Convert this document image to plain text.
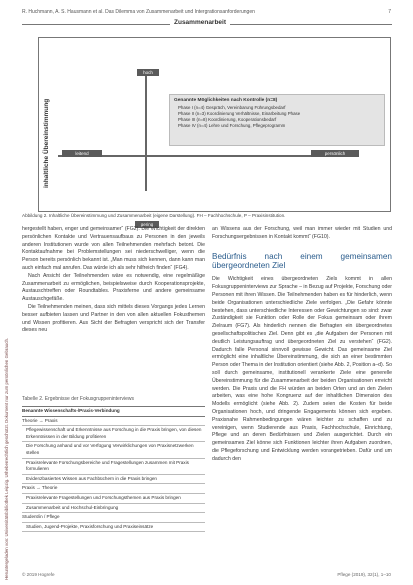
R. Huchmann, A. S. Hausmann et al. Das Dilemma von Zusammenarbeit und Intergrationsanforderungen	7
Heruntergeladen von: Universitätsbibliothek Leipzig. Urheberrechtlich geschützt. Dokument nur zum persönlichen Gebrauch.
Zusammenarbeit
inhaltliche Übereinstimmung
hoch
gering
leitend	persönlich
Genannte Möglichkeiten nach Kontrolle (n=8)
Phase I (n=4) Gespräch, Vereinbarung Führungsbedarf
Phase II (n=3) Koordinierung Verhältnisse, Einarbeitung Phase
Phase III (n=8) Koordinierung, Kooperationsbedarf
Phase IV (n=4) Lehre und Forschung, Pflegeprogramm
Abbildung 2. Inhaltliche Übereinstimmung und Zusammenarbeit (eigene Darstellung). FH – Fachhochschule, P – Praxisinstitution.

hergestellt haben, enger und gemeinsamer“ (FG2). Die Wichtigkeit der direkten persönlichen Kontakte und Vertrauensaufbaus zu Personen in den jeweils anderen Institutionen wurde von allen Teilnehmenden mehrfach betont. Die Kontaktaufnahme bei Problemstellungen sei niederschwelliger, wenn die Person bereits persönlich bekannt ist. „Man muss sich kennen, dann kann man auch einfach mal anrufen. Das würde ich als sehr hilfreich finden“ (FG4).

Nach Ansicht der Teilnehmenden wäre es notwendig, eine regelmäßige Zusammenarbeit zu ermöglichen, beispielsweise durch Kooperationsprojekte, Austauschtreffen oder Roundtables. Praxisferne und andere gemeinsame Austauschgefäße.

Die Teilnehmenden meinen, dass sich mittels dieses Vorgangs jedes Lernen besser aufbieten lassen und Partner in den von allen aktuellen Fokusthemen und Wissen profitieren. Aus Sicht der Befragten verspricht sich der Transfer dieses neu

Tabelle 2. Ergebnisse der Fokusgruppeninterviews
Benannte Wissenschafts-/Praxis-Verbindung
Theorie → Praxis
Pflegewissenschaft und Erkenntnisse aus Forschung in die Praxis bringen, von diesen Erkenntnissen in der Bildung profitieren
Die Forschung anhand und vor Verfügung Verwirklichungen von Praxisnetzwerken stellen
Praxisrelevante Forschungsbereiche und Fragestellungen zusammen mit Praxis formulieren
Evidenzbasiertes Wissen aus Fachbüchern in die Praxis bringen
Praxis → Theorie
Praxisrelevante Fragestellungen und Forschungsthemen aus Praxis bringen
Zusammenarbeit und Hochschul-Einbringung
Student/in / Pflege
Studien, Jugend-Projekte, Praxisforschung und Praxiseinsätze

an Wissens aus der Forschung, weil man immer wieder mit Studien und Forschungsergebnissen in Kontakt kommt“ (FG10).

Bedürfnis nach einem gemeinsamen übergeordneten Ziel

Die Wichtigkeit eines übergeordneten Ziels kommt in allen Fokusgruppeninterviews zur Sprache – in Bezug auf Projekte, Forschung oder Personen mit ihren Wissen. Die Teilnehmenden haben es für hinderlich, wenn beide Organisationen unterschiedliche Ziele verfolgen. „Die Gefahr könnte bestehen, dass unterschiedliche Interessen oder Gewichtungen so sind: zwar Zuständigkeit sie Funktion oder Rolle der Fokus gemeinsam oder ihrem Zielraum (FG7). Als hinderlich nennen die Befragten ein übergeordnetes gesellschaftspolitisches Ziel. Denn gibt es „die Aufgaben der Personen mit deutlich Leistungsauftrag und übergeordneten Ziel zu verstehen“ (FG2). Dadurch falle Personal sinnvoll gewisse Gewicht. Das gemeinsame Ziel ermöglicht eine inhaltliche Übereinstimmung, die sich an einer bestimmten Person oder Thema in der Institution orientiert (siehe Abb. 2, Position a–d). So soll durch gemeinsame, institutionell verankerte Ziele eine generelle Übereinstimmung für die Zusammenarbeit der beiden Organisationen erreicht werden. Die Praxis und die FH würden an beiden Orten und an den Zielen arbeiten, was eine hohe Kongruenz auf der inhaltlichen Dimension des Modells ermöglicht (siehe Abb. 2). Zudem seien die Kosten für beide Organisationen hoch, und dringende Engagements können sich ergeben. Praxisnahe Rahmenbedingungen wären leichter zu schaffen und zu vereinigen, wenn Studierende aus Praxis, Fachhochschule, Einrichtung, Pflege und an deren Bedürfnissen und Zielen ausgerichtet. Durch ein gemeinsames Ziel könne sich Funktionen leichter ihren Aufgaben zuordnen, die Pflegeforschung und Entwicklung werden vorangetrieben. Dafür und um dadurch den

© 2019 Hogrefe	Pflege (2019), 32(1), 1–10
